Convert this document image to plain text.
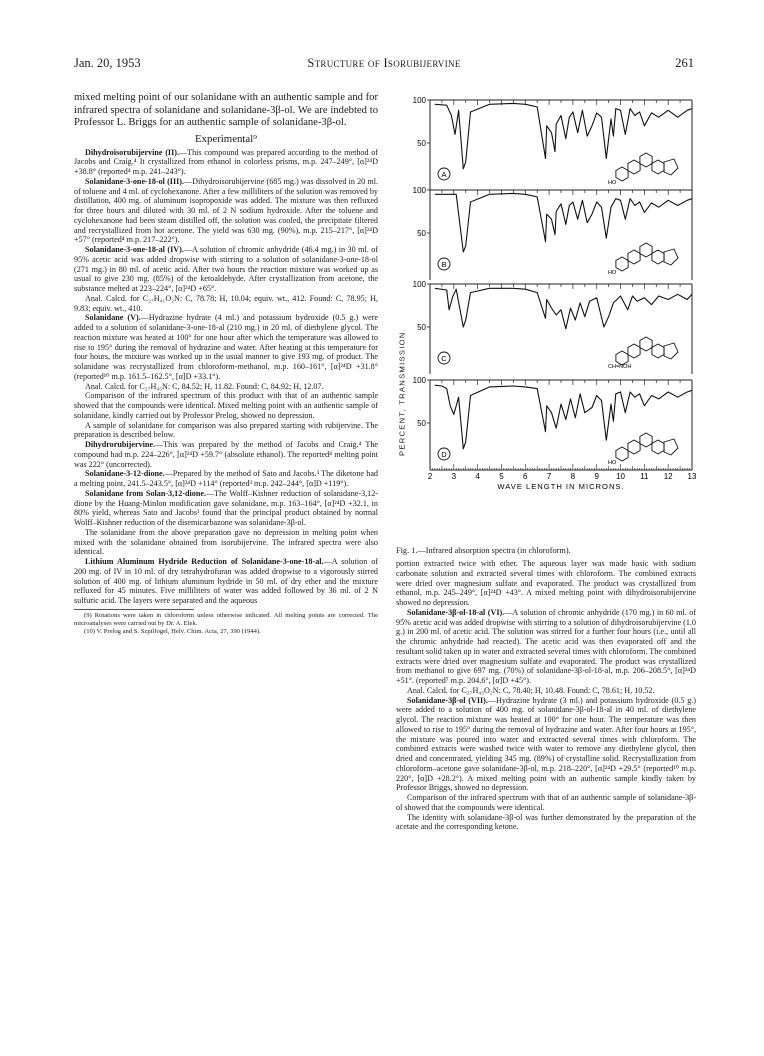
Jan. 20, 1953	Structure of Isorubijervine	261

mixed melting point of our solanidane with an authentic sample and for infrared spectra of solanidane and solanidane-3β-ol. We are indebted to Professor L. Briggs for an authentic sample of solanidane-3β-ol.

Experimental⁹

Dihydroisorubijervine (II).—This compound was prepared according to the method of Jacobs and Craig.⁴ It crystallized from ethanol in colorless prisms, m.p. 247–249°, [α]²⁴D +38.8° (reported⁴ m.p. 241–243°).

Solanidane-3-one-18-ol (III).—Dihydroisorubijervine (685 mg.) was dissolved in 20 ml. of toluene and 4 ml. of cyclohexanone. After a few milliliters of the solution was removed by distillation, 400 mg. of aluminum isopropoxide was added. The mixture was then refluxed for three hours and diluted with 30 ml. of 2 N sodium hydroxide. After the toluene and cyclohexanone had been steam distilled off, the solution was cooled, the precipitate filtered and recrystallized from hot acetone. The yield was 630 mg. (90%), m.p. 215–217°, [α]²⁴D +57° (reported⁴ m.p. 217–222°).

Solanidane-3-one-18-al (IV).—A solution of chromic anhydride (46.4 mg.) in 30 ml. of 95% acetic acid was added dropwise with stirring to a solution of solanidane-3-one-18-ol (271 mg.) in 80 ml. of acetic acid. After two hours the reaction mixture was worked up as usual to give 230 mg. (85%) of the ketoaldehyde. After crystallization from acetone, the substance melted at 223–224°, [α]²⁴D +65°.

Anal. Calcd. for C₂₇H₄₁O₂N: C, 78.78; H, 10.04; equiv. wt., 412. Found: C, 78.95; H, 9.83; equiv. wt., 410.

Solanidane (V).—Hydrazine hydrate (4 ml.) and potassium hydroxide (0.5 g.) were added to a solution of solanidane-3-one-18-al (210 mg.) in 20 ml. of diethylene glycol. The reaction mixture was heated at 100° for one hour after which the temperature was allowed to rise to 195° during the removal of hydrazine and water. After heating at this temperature for four hours, the mixture was worked up in the usual manner to give 193 mg. of product. The solanidane was recrystallized from chloroform-methanol, m.p. 160–161°, [α]²⁴D +31.8° (reported¹⁰ m.p. 161.5–162.5°, [α]D +33.1°).

Anal. Calcd. for C₂₇H₄₅N: C, 84.52; H, 11.82. Found: C, 84.92; H, 12.07.

Comparison of the infrared spectrum of this product with that of an authentic sample showed that the compounds were identical. Mixed melting point with an authentic sample of solanidane, kindly carried out by Professor Prelog, showed no depression.

A sample of solanidane for comparison was also prepared starting with rubijervine. The preparation is described below.

Dihydrorubijervine.—This was prepared by the method of Jacobs and Craig.⁴ The compound had m.p. 224–226°, [α]²⁴D +59.7° (absolute ethanol). The reported⁴ melting point was 222° (uncorrected).

Solanidane-3-12-dione.—Prepared by the method of Sato and Jacobs.³ The diketone had a melting point, 241.5–243.5°, [α]²⁴D +114° (reported³ m.p. 242–244°, [α]D +119°).

Solanidane from Solan-3,12-dione.—The Wolff–Kishner reduction of solanidane-3,12-dione by the Huang-Minlon modification gave solanidane, m.p. 163–164°, [α]²⁴D +32.1, in 80% yield, whereas Sato and Jacobs³ found that the principal product obtained by normal Wolff–Kishner reduction of the disemicarbazone was solanidane-3β-ol.

The solanidane from the above preparation gave no depression in melting point when mixed with the solanidane obtained from isorubijervine. The infrared spectra were also identical.

Lithium Aluminum Hydride Reduction of Solanidane-3-one-18-al.—A solution of 200 mg. of IV in 10 ml. of dry tetrahydrofuran was added dropwise to a vigorously stirred solution of 400 mg. of lithium aluminum hydride in 50 ml. of dry ether and the mixture refluxed for 45 minutes. Five milliliters of water was added followed by 36 ml. of 2 N sulfuric acid. The layers were separated and the aqueous

(9) Rotations were taken in chloroform unless otherwise indicated. All melting points are corrected. The microanalyses were carried out by Dr. A. Elek.

(10) V. Prelog and S. Szpilfogel, Helv. Chim. Acta, 27, 390 (1944).

100
50
A
HO
100
50
B
HO
100
50
C
CH=NOH
100
50
D
HO
2 3 4 5 6 7 8 9 10 11 12 13
WAVE LENGTH IN MICRONS.
PERCENT, TRANSMISSION.

Fig. 1.—Infrared absorption spectra (in chloroform).

portion extracted twice with ether. The aqueous layer was made basic with sodium carbonate solution and extracted several times with chloroform. The combined extracts were dried over magnesium sulfate and evaporated. The product was crystallized from ethanol, m.p. 245–249°, [α]²⁴D +43°. A mixed melting point with dihydroisorubijervine showed no depression.

Solanidane-3β-ol-18-al (VI).—A solution of chromic anhydride (170 mg.) in 60 ml. of 95% acetic acid was added dropwise with stirring to a solution of dihydroisorubijervine (1.0 g.) in 200 ml. of acetic acid. The solution was stirred for a further four hours (i.e., until all the chromic anhydride had reacted). The acetic acid was then evaporated off and the resultant solid taken up in water and extracted several times with chloroform. The combined extracts were dried over magnesium sulfate and evaporated. The product was crystallized from methanol to give 697 mg. (70%) of solanidane-3β-ol-18-al, m.p. 206–208.5°, [α]²⁴D +51°. (reported⁷ m.p. 204.6°, [α]D +45°).

Anal. Calcd. for C₂₇H₄₃O₂N: C, 78.40; H, 10.48. Found: C, 78.61; H, 10.52.

Solanidane-3β-ol (VII).—Hydrazine hydrate (3 ml.) and potassium hydroxide (0.5 g.) were added to a solution of 400 mg. of solanidane-3β-ol-18-al in 40 ml. of diethylene glycol. The reaction mixture was heated at 100° for one hour. The temperature was then allowed to rise to 195° during the removal of hydrazine and water. After four hours at 195°, the mixture was poured into water and extracted several times with chloroform. The combined extracts were washed twice with water to remove any diethylene glycol, then dried and concentrated, yielding 345 mg. (89%) of crystalline solid. Recrystallization from chloroform–acetone gave solanidane-3β-ol, m.p. 218–220°, [α]²⁴D +29.5° (reported¹⁰ m.p. 220°, [α]D +28.2°). A mixed melting point with an authentic sample kindly taken by Professor Briggs, showed no depression.

Comparison of the infrared spectrum with that of an authentic sample of solanidane-3β-ol showed that the compounds were identical.

The identity with solanidane-3β-ol was further demonstrated by the preparation of the acetate and the corresponding ketone.
